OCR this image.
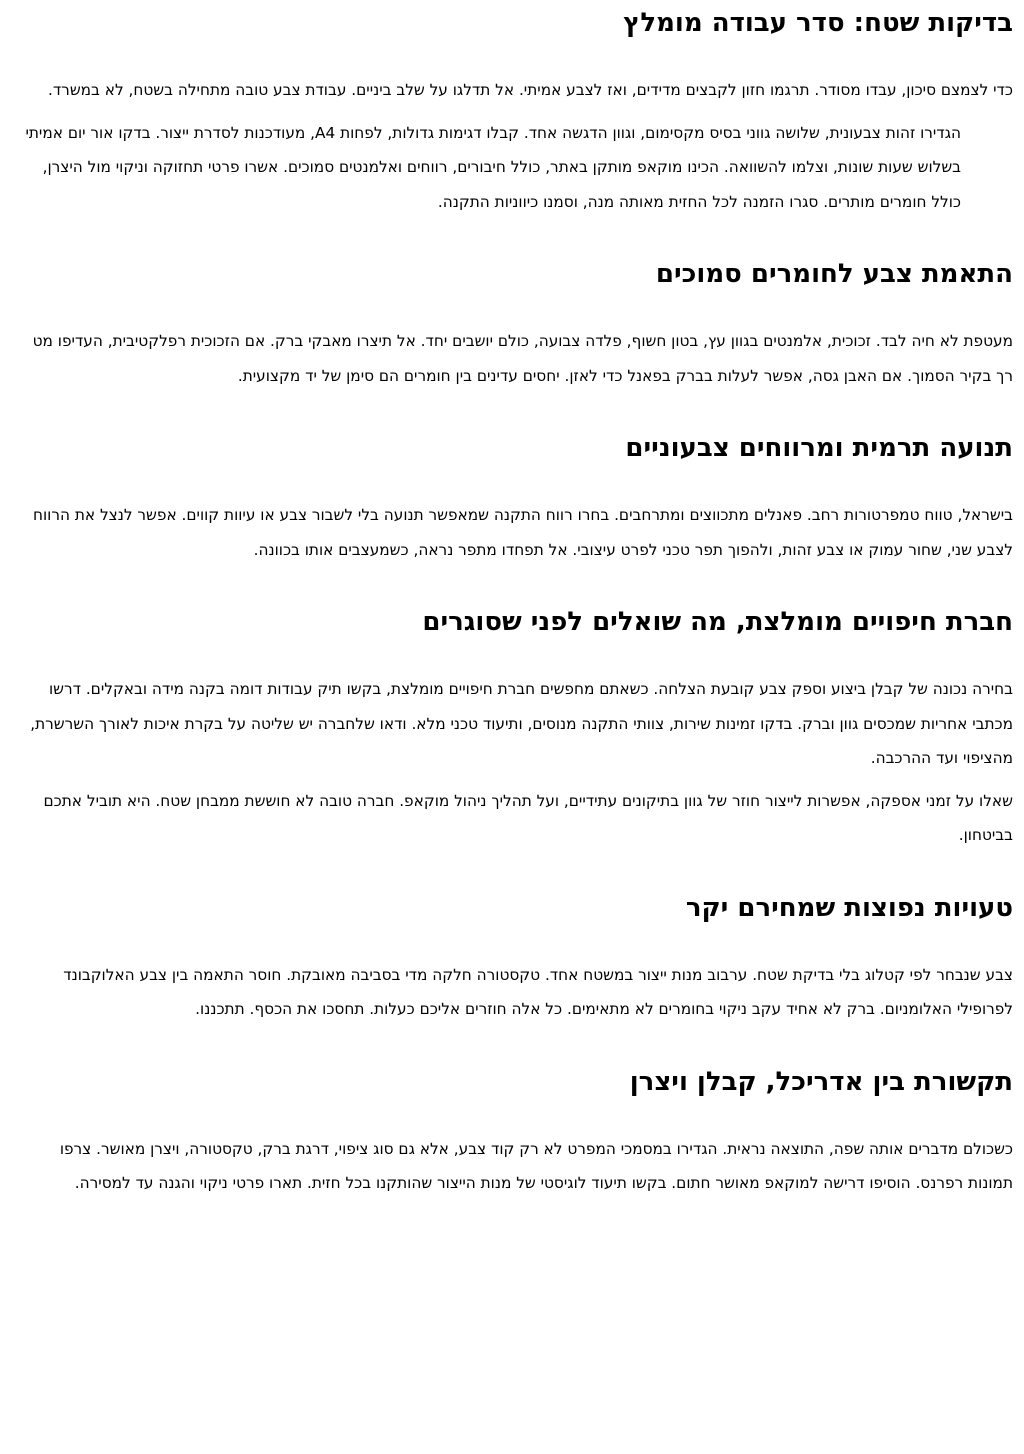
בדיקות שטח: סדר עבודה מומלץ

כדי לצמצם סיכון, עבדו מסודר. תרגמו חזון לקבצים מדידים, ואז לצבע אמיתי. אל תדלגו על שלב ביניים. עבודת צבע טובה מתחילה בשטח, לא במשרד.

הגדירו זהות צבעונית, שלושה גווני בסיס מקסימום, וגוון הדגשה אחד. קבלו דגימות גדולות, לפחות A4, מעודכנות לסדרת ייצור. בדקו אור יום אמיתי בשלוש שעות שונות, וצלמו להשוואה. הכינו מוקאפ מותקן באתר, כולל חיבורים, רווחים ואלמנטים סמוכים. אשרו פרטי תחזוקה וניקוי מול היצרן, כולל חומרים מותרים. סגרו הזמנה לכל החזית מאותה מנה, וסמנו כיווניות התקנה.

התאמת צבע לחומרים סמוכים

מעטפת לא חיה לבד. זכוכית, אלמנטים בגוון עץ, בטון חשוף, פלדה צבועה, כולם יושבים יחד. אל תיצרו מאבקי ברק. אם הזכוכית רפלקטיבית, העדיפו מט רך בקיר הסמוך. אם האבן גסה, אפשר לעלות בברק בפאנל כדי לאזן. יחסים עדינים בין חומרים הם סימן של יד מקצועית.

תנועה תרמית ומרווחים צבעוניים

בישראל, טווח טמפרטורות רחב. פאנלים מתכווצים ומתרחבים. בחרו רווח התקנה שמאפשר תנועה בלי לשבור צבע או עיוות קווים. אפשר לנצל את הרווח לצבע שני, שחור עמוק או צבע זהות, ולהפוך תפר טכני לפרט עיצובי. אל תפחדו מתפר נראה, כשמעצבים אותו בכוונה.

חברת חיפויים מומלצת, מה שואלים לפני שסוגרים

בחירה נכונה של קבלן ביצוע וספק צבע קובעת הצלחה. כשאתם מחפשים חברת חיפויים מומלצת, בקשו תיק עבודות דומה בקנה מידה ובאקלים. דרשו מכתבי אחריות שמכסים גוון וברק. בדקו זמינות שירות, צוותי התקנה מנוסים, ותיעוד טכני מלא. ודאו שלחברה יש שליטה על בקרת איכות לאורך השרשרת, מהציפוי ועד ההרכבה.

שאלו על זמני אספקה, אפשרות לייצור חוזר של גוון בתיקונים עתידיים, ועל תהליך ניהול מוקאפ. חברה טובה לא חוששת ממבחן שטח. היא תוביל אתכם בביטחון.

טעויות נפוצות שמחירם יקר

צבע שנבחר לפי קטלוג בלי בדיקת שטח. ערבוב מנות ייצור במשטח אחד. טקסטורה חלקה מדי בסביבה מאובקת. חוסר התאמה בין צבע האלוקבונד לפרופילי האלומניום. ברק לא אחיד עקב ניקוי בחומרים לא מתאימים. כל אלה חוזרים אליכם כעלות. תחסכו את הכסף. תתכננו.

תקשורת בין אדריכל, קבלן ויצרן

כשכולם מדברים אותה שפה, התוצאה נראית. הגדירו במסמכי המפרט לא רק קוד צבע, אלא גם סוג ציפוי, דרגת ברק, טקסטורה, ויצרן מאושר. צרפו תמונות רפרנס. הוסיפו דרישה למוקאפ מאושר חתום. בקשו תיעוד לוגיסטי של מנות הייצור שהותקנו בכל חזית. תארו פרטי ניקוי והגנה עד למסירה.
